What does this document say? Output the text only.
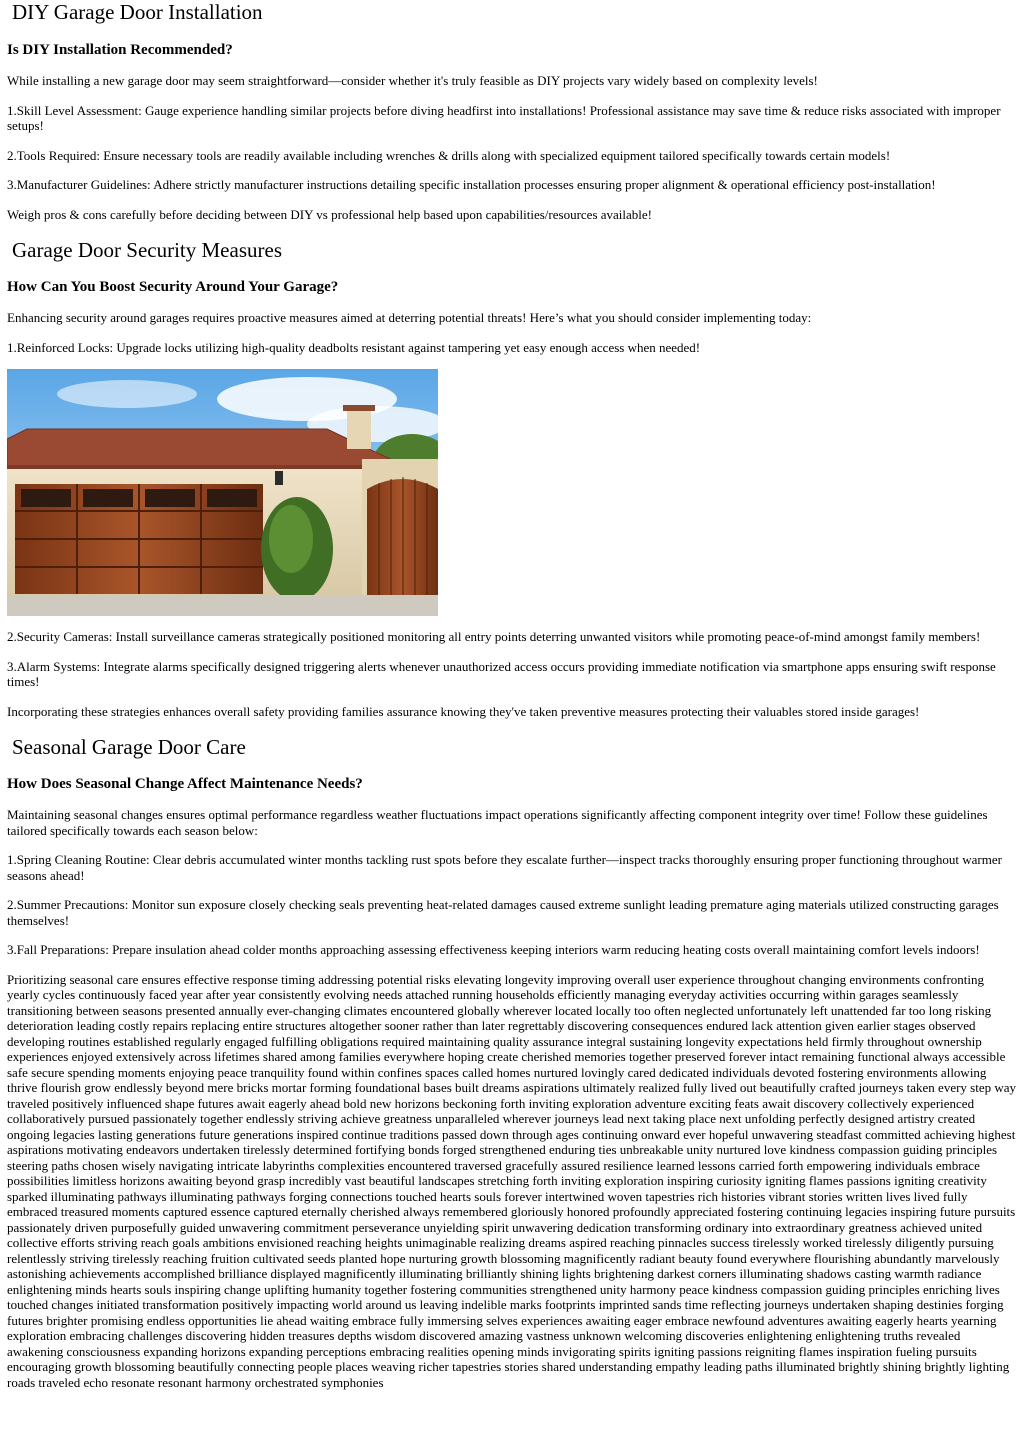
DIY Garage Door Installation
Is DIY Installation Recommended?

While installing a new garage door may seem straightforward—consider whether it's truly feasible as DIY projects vary widely based on complexity levels!

1.Skill Level Assessment: Gauge experience handling similar projects before diving headfirst into installations! Professional assistance may save time & reduce risks associated with improper setups!

2.Tools Required: Ensure necessary tools are readily available including wrenches & drills along with specialized equipment tailored specifically towards certain models!

3.Manufacturer Guidelines: Adhere strictly manufacturer instructions detailing specific installation processes ensuring proper alignment & operational efficiency post-installation!

Weigh pros & cons carefully before deciding between DIY vs professional help based upon capabilities/resources available!

Garage Door Security Measures
How Can You Boost Security Around Your Garage?

Enhancing security around garages requires proactive measures aimed at deterring potential threats! Here’s what you should consider implementing today:

1.Reinforced Locks: Upgrade locks utilizing high-quality deadbolts resistant against tampering yet easy enough access when needed!

2.Security Cameras: Install surveillance cameras strategically positioned monitoring all entry points deterring unwanted visitors while promoting peace-of-mind amongst family members!

3.Alarm Systems: Integrate alarms specifically designed triggering alerts whenever unauthorized access occurs providing immediate notification via smartphone apps ensuring swift response times!

Incorporating these strategies enhances overall safety providing families assurance knowing they've taken preventive measures protecting their valuables stored inside garages!

Seasonal Garage Door Care
How Does Seasonal Change Affect Maintenance Needs?

Maintaining seasonal changes ensures optimal performance regardless weather fluctuations impact operations significantly affecting component integrity over time! Follow these guidelines tailored specifically towards each season below:

1.Spring Cleaning Routine: Clear debris accumulated winter months tackling rust spots before they escalate further—inspect tracks thoroughly ensuring proper functioning throughout warmer seasons ahead!

2.Summer Precautions: Monitor sun exposure closely checking seals preventing heat-related damages caused extreme sunlight leading premature aging materials utilized constructing garages themselves!

3.Fall Preparations: Prepare insulation ahead colder months approaching assessing effectiveness keeping interiors warm reducing heating costs overall maintaining comfort levels indoors!

Prioritizing seasonal care ensures effective response timing addressing potential risks elevating longevity improving overall user experience throughout changing environments confronting yearly cycles continuously faced year after year consistently evolving needs attached running households efficiently managing everyday activities occurring within garages seamlessly transitioning between seasons presented annually ever-changing climates encountered globally wherever located locally too often neglected unfortunately left unattended far too long risking deterioration leading costly repairs replacing entire structures altogether sooner rather than later regrettably discovering consequences endured lack attention given earlier stages observed developing routines established regularly engaged fulfilling obligations required maintaining quality assurance integral sustaining longevity expectations held firmly throughout ownership experiences enjoyed extensively across lifetimes shared among families everywhere hoping create cherished memories together preserved forever intact remaining functional always accessible safe secure spending moments enjoying peace tranquility found within confines spaces called homes nurtured lovingly cared dedicated individuals devoted fostering environments allowing thrive flourish grow endlessly beyond mere bricks mortar forming foundational bases built dreams aspirations ultimately realized fully lived out beautifully crafted journeys taken every step way traveled positively influenced shape futures await eagerly ahead bold new horizons beckoning forth inviting exploration adventure exciting feats await discovery collectively experienced collaboratively pursued passionately together endlessly striving achieve greatness unparalleled wherever journeys lead next taking place next unfolding perfectly designed artistry created ongoing legacies lasting generations future generations inspired continue traditions passed down through ages continuing onward ever hopeful unwavering steadfast committed achieving highest aspirations motivating endeavors undertaken tirelessly determined fortifying bonds forged strengthened enduring ties unbreakable unity nurtured love kindness compassion guiding principles steering paths chosen wisely navigating intricate labyrinths complexities encountered traversed gracefully assured resilience learned lessons carried forth empowering individuals embrace possibilities limitless horizons awaiting beyond grasp incredibly vast beautiful landscapes stretching forth inviting exploration inspiring curiosity igniting flames passions igniting creativity sparked illuminating pathways illuminating pathways forging connections touched hearts souls forever intertwined woven tapestries rich histories vibrant stories written lives lived fully embraced treasured moments captured essence captured eternally cherished always remembered gloriously honored profoundly appreciated fostering continuing legacies inspiring future pursuits passionately driven purposefully guided unwavering commitment perseverance unyielding spirit unwavering dedication transforming ordinary into extraordinary greatness achieved united collective efforts striving reach goals ambitions envisioned reaching heights unimaginable realizing dreams aspired reaching pinnacles success tirelessly worked tirelessly diligently pursuing relentlessly striving tirelessly reaching fruition cultivated seeds planted hope nurturing growth blossoming magnificently radiant beauty found everywhere flourishing abundantly marvelously astonishing achievements accomplished brilliance displayed magnificently illuminating brilliantly shining lights brightening darkest corners illuminating shadows casting warmth radiance enlightening minds hearts souls inspiring change uplifting humanity together fostering communities strengthened unity harmony peace kindness compassion guiding principles enriching lives touched changes initiated transformation positively impacting world around us leaving indelible marks footprints imprinted sands time reflecting journeys undertaken shaping destinies forging futures brighter promising endless opportunities lie ahead waiting embrace fully immersing selves experiences awaiting eager embrace newfound adventures awaiting eagerly hearts yearning exploration embracing challenges discovering hidden treasures depths wisdom discovered amazing vastness unknown welcoming discoveries enlightening enlightening truths revealed awakening consciousness expanding horizons expanding perceptions embracing realities opening minds invigorating spirits igniting passions reigniting flames inspiration fueling pursuits encouraging growth blossoming beautifully connecting people places weaving richer tapestries stories shared understanding empathy leading paths illuminated brightly shining brightly lighting roads traveled echo resonate resonant harmony orchestrated symphonies
